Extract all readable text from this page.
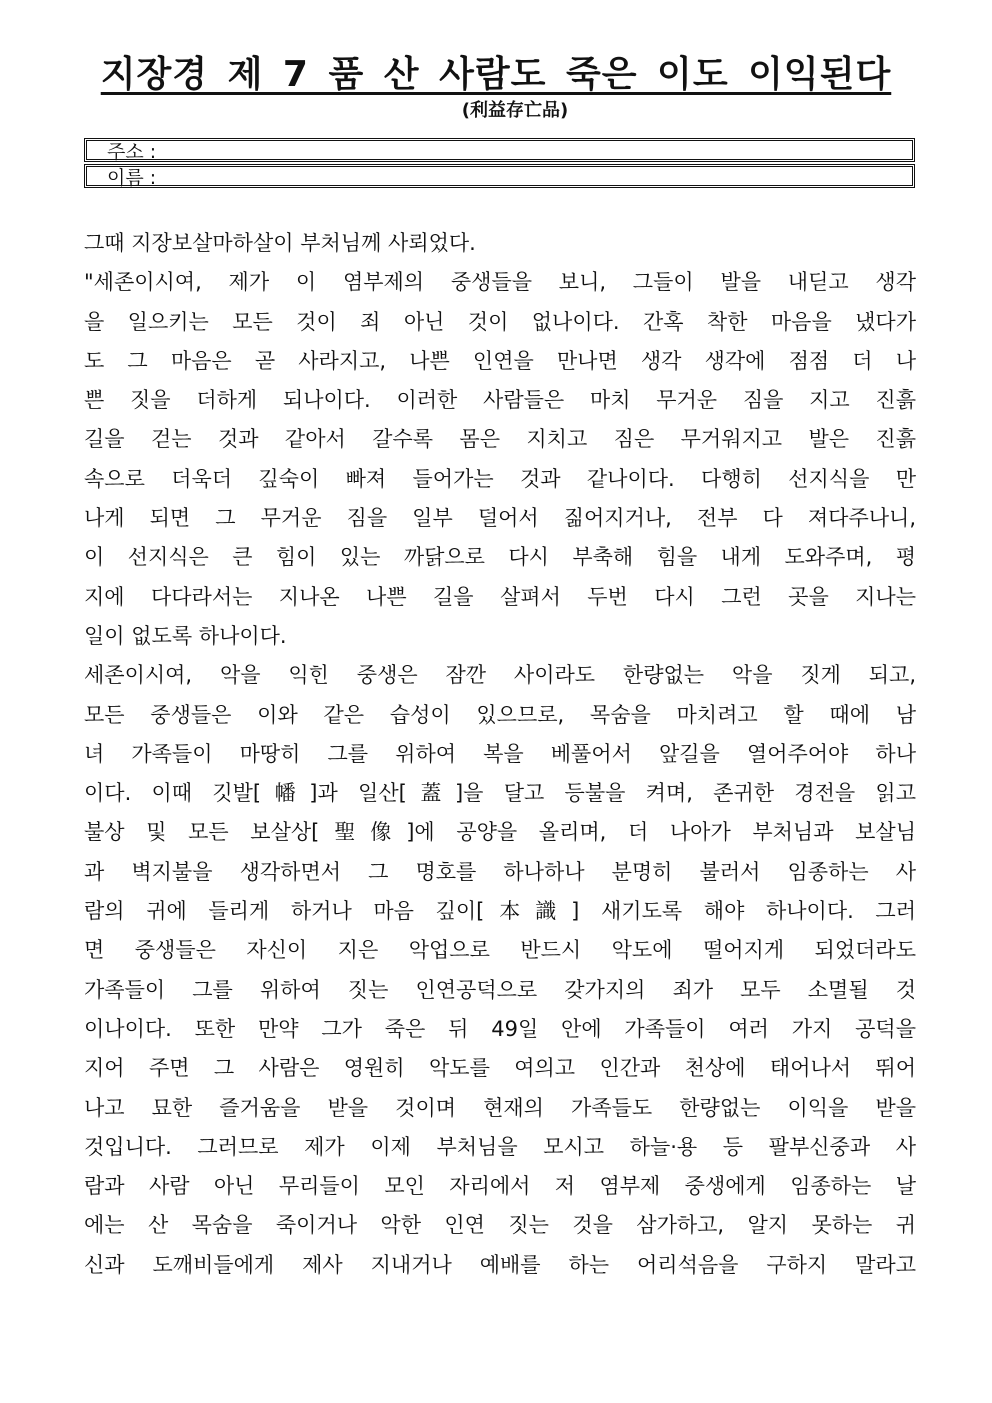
지장경 제 7 품 산 사람도 죽은 이도 이익된다
(利益存亡品)
주소 :
이름 :
그때 지장보살마하살이 부처님께 사뢰었다.
"세존이시여, 제가 이 염부제의 중생들을 보니, 그들이 발을 내딛고 생각
을 일으키는 모든 것이 죄 아닌 것이 없나이다. 간혹 착한 마음을 냈다가
도 그 마음은 곧 사라지고, 나쁜 인연을 만나면 생각 생각에 점점 더 나
쁜 짓을 더하게 되나이다. 이러한 사람들은 마치 무거운 짐을 지고 진흙
길을 걷는 것과 같아서 갈수록 몸은 지치고 짐은 무거워지고 발은 진흙
속으로 더욱더 깊숙이 빠져 들어가는 것과 같나이다. 다행히 선지식을 만
나게 되면 그 무거운 짐을 일부 덜어서 짊어지거나, 전부 다 져다주나니,
이 선지식은 큰 힘이 있는 까닭으로 다시 부축해 힘을 내게 도와주며, 평
지에 다다라서는 지나온 나쁜 길을 살펴서 두번 다시 그런 곳을 지나는
일이 없도록 하나이다.
세존이시여, 악을 익힌 중생은 잠깐 사이라도 한량없는 악을 짓게 되고,
모든 중생들은 이와 같은 습성이 있으므로, 목숨을 마치려고 할 때에 남
녀 가족들이 마땅히 그를 위하여 복을 베풀어서 앞길을 열어주어야 하나
이다. 이때 깃발[幡]과 일산[蓋]을 달고 등불을 켜며, 존귀한 경전을 읽고
불상 및 모든 보살상[聖像]에 공양을 올리며, 더 나아가 부처님과 보살님
과 벽지불을 생각하면서 그 명호를 하나하나 분명히 불러서 임종하는 사
람의 귀에 들리게 하거나 마음 깊이[本識] 새기도록 해야 하나이다. 그러
면 중생들은 자신이 지은 악업으로 반드시 악도에 떨어지게 되었더라도
가족들이 그를 위하여 짓는 인연공덕으로 갖가지의 죄가 모두 소멸될 것
이나이다. 또한 만약 그가 죽은 뒤 49일 안에 가족들이 여러 가지 공덕을
지어 주면 그 사람은 영원히 악도를 여의고 인간과 천상에 태어나서 뛰어
나고 묘한 즐거움을 받을 것이며 현재의 가족들도 한량없는 이익을 받을
것입니다. 그러므로 제가 이제 부처님을 모시고 하늘·용 등 팔부신중과 사
람과 사람 아닌 무리들이 모인 자리에서 저 염부제 중생에게 임종하는 날
에는 산 목숨을 죽이거나 악한 인연 짓는 것을 삼가하고, 알지 못하는 귀
신과 도깨비들에게 제사 지내거나 예배를 하는 어리석음을 구하지 말라고
